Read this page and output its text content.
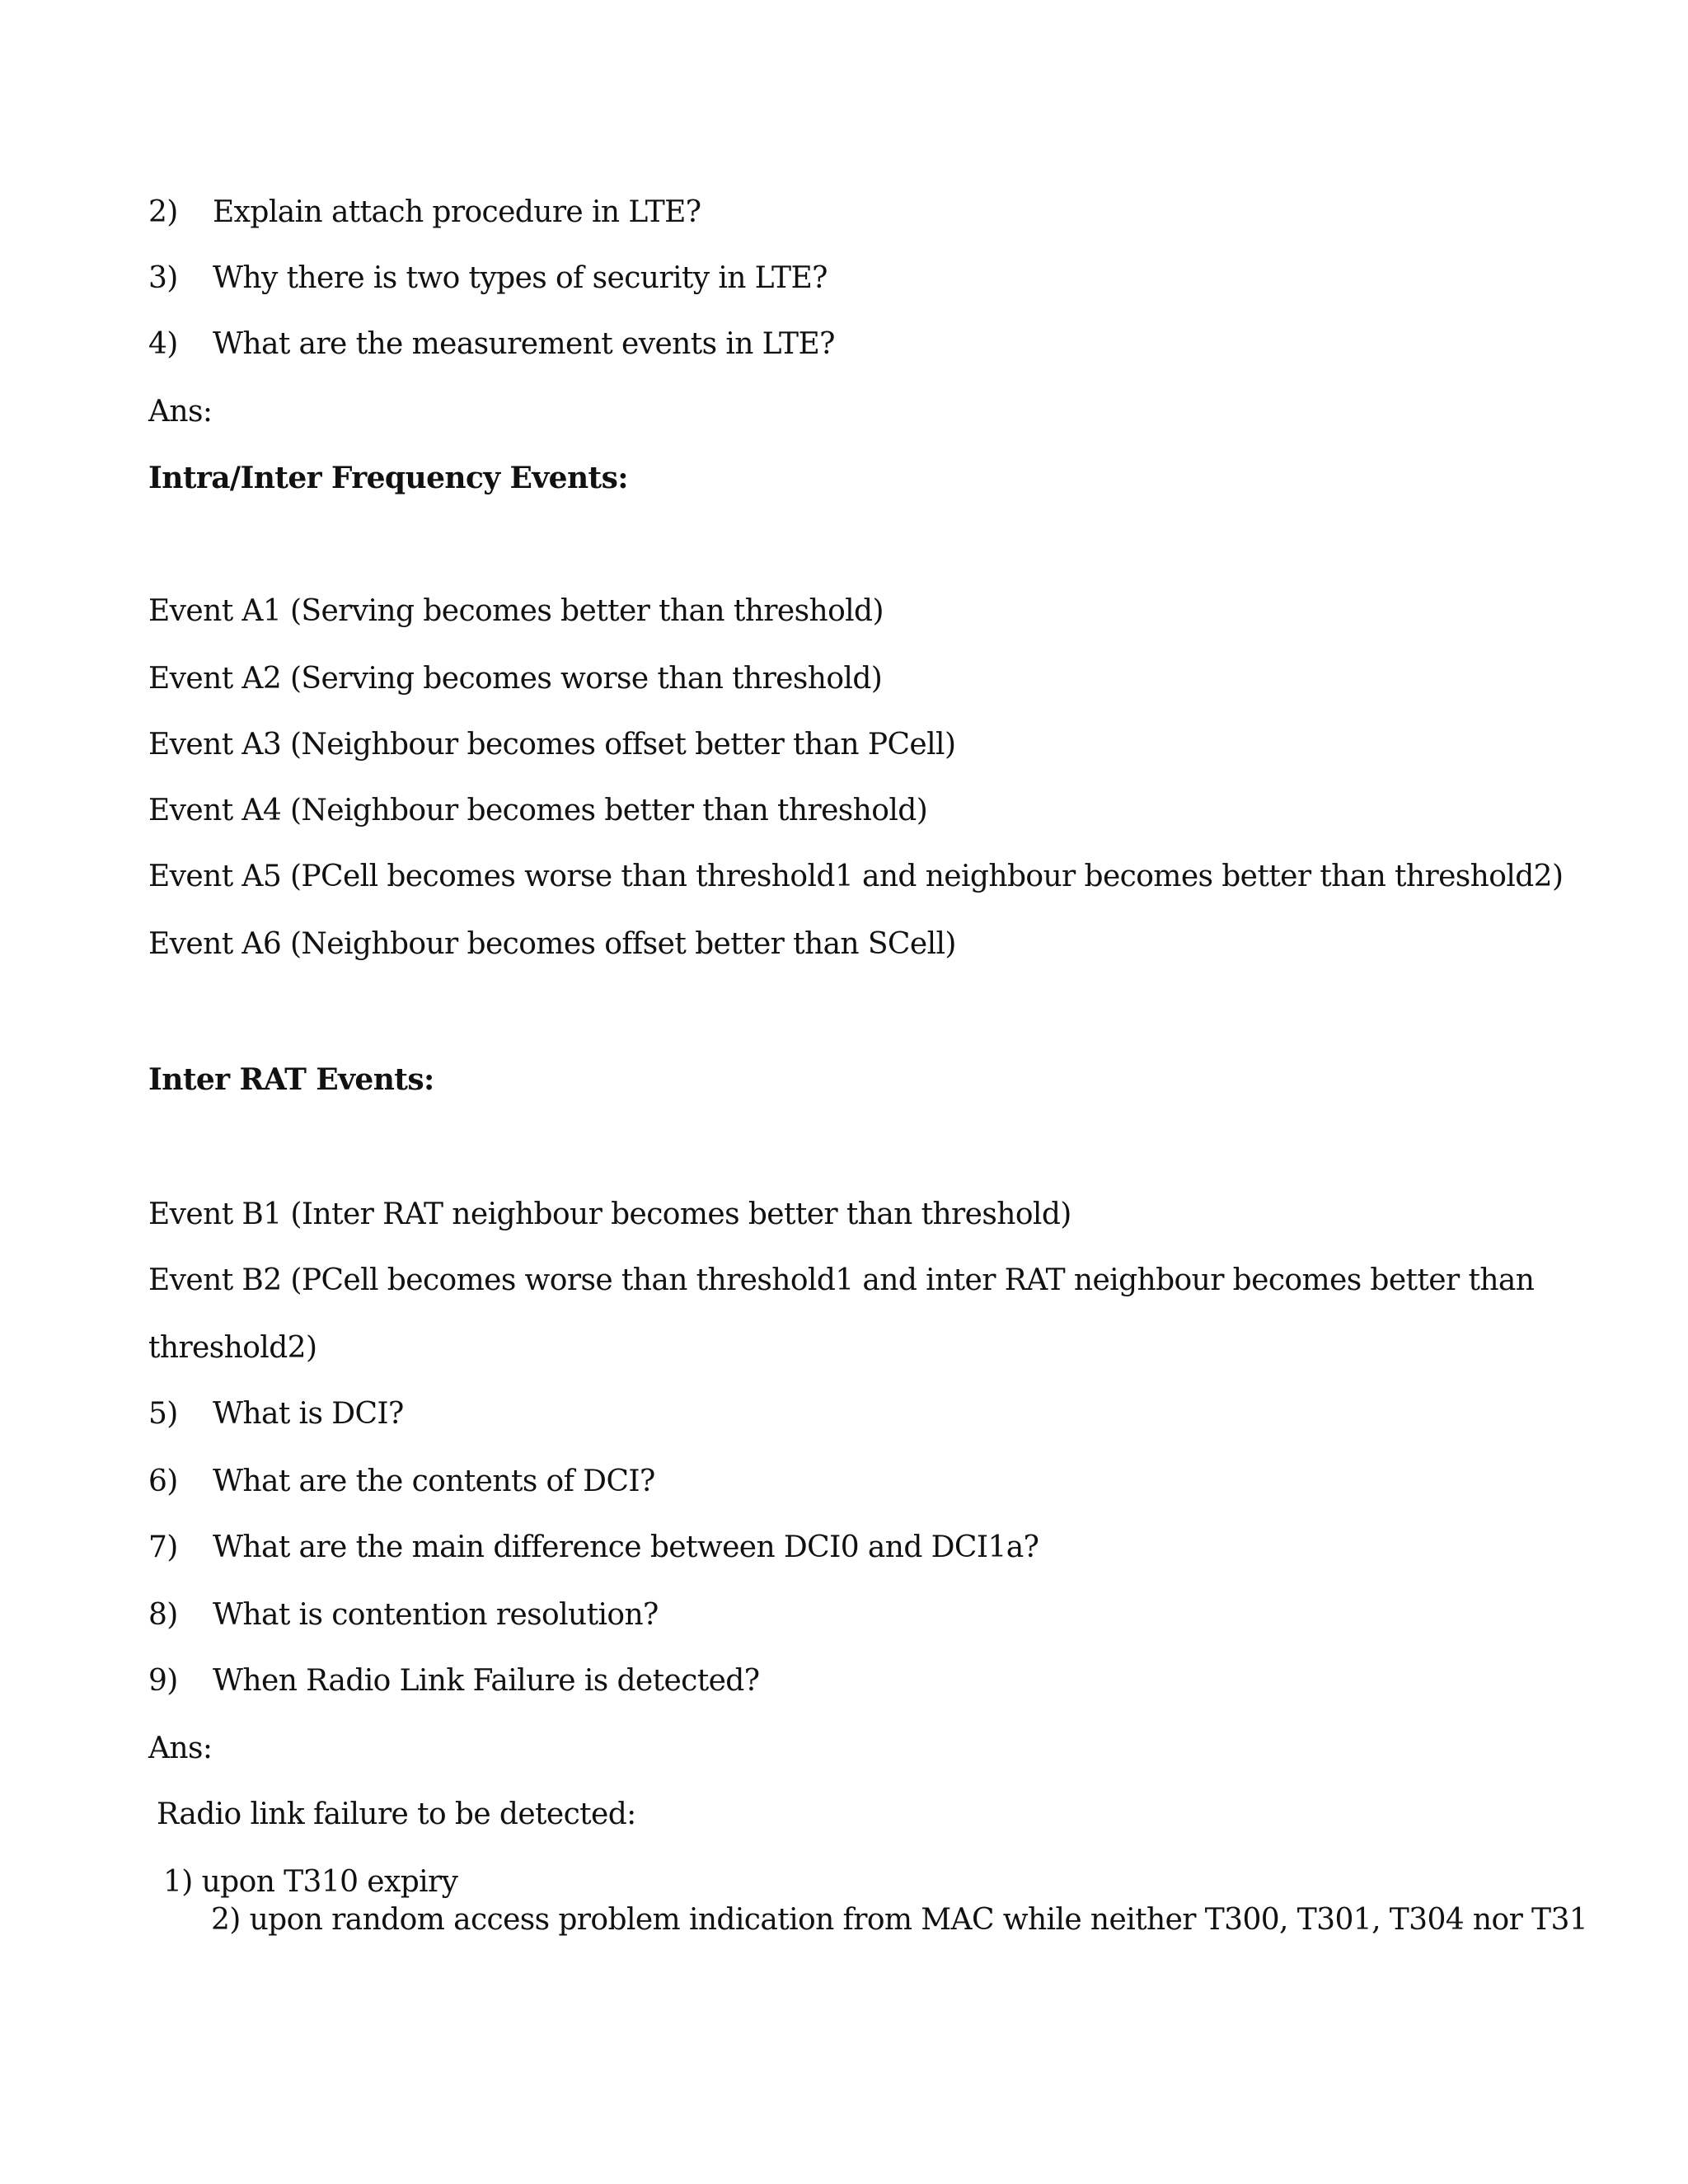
2) Explain attach procedure in LTE?
3) Why there is two types of security in LTE?
4) What are the measurement events in LTE?
Ans:
Intra/Inter Frequency Events:
Event A1 (Serving becomes better than threshold)
Event A2 (Serving becomes worse than threshold)
Event A3 (Neighbour becomes offset better than PCell)
Event A4 (Neighbour becomes better than threshold)
Event A5 (PCell becomes worse than threshold1 and neighbour becomes better than threshold2)
Event A6 (Neighbour becomes offset better than SCell)
Inter RAT Events:
Event B1 (Inter RAT neighbour becomes better than threshold)
Event B2 (PCell becomes worse than threshold1 and inter RAT neighbour becomes better than
threshold2)
5) What is DCI?
6) What are the contents of DCI?
7) What are the main difference between DCI0 and DCI1a?
8) What is contention resolution?
9) When Radio Link Failure is detected?
Ans:
Radio link failure to be detected:
1) upon T310 expiry
2) upon random access problem indication from MAC while neither T300, T301, T304 nor T31
